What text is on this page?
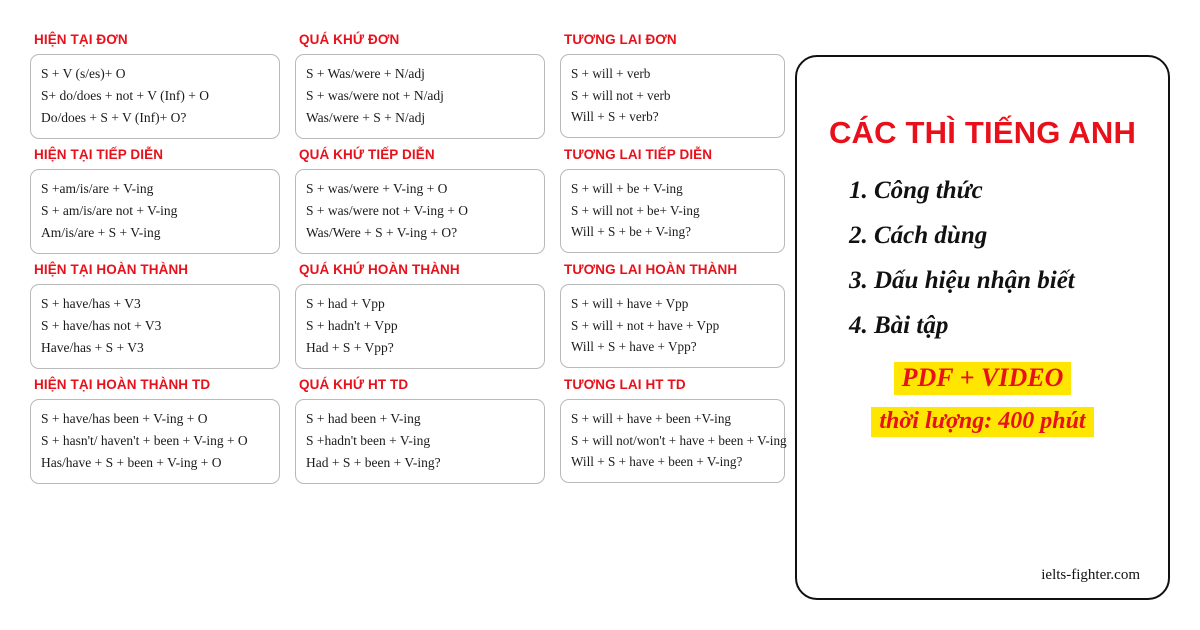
HIỆN TẠI ĐƠN
S + V (s/es)+ O
S+ do/does + not + V (Inf) + O
Do/does + S + V (Inf)+ O?
QUÁ KHỨ ĐƠN
S + Was/were + N/adj
S + was/were not + N/adj
Was/were + S + N/adj
TƯƠNG LAI ĐƠN
S + will + verb
S + will not + verb
Will + S + verb?
HIỆN TẠI TIẾP DIỄN
S +am/is/are + V-ing
S + am/is/are not + V-ing
Am/is/are + S + V-ing
QUÁ KHỨ TIẾP DIỄN
S + was/were + V-ing + O
S + was/were not + V-ing + O
Was/Were + S + V-ing + O?
TƯƠNG LAI TIẾP DIỄN
S + will + be + V-ing
S + will not + be+ V-ing
Will + S + be + V-ing?
HIỆN TẠI HOÀN THÀNH
S + have/has + V3
S + have/has not + V3
Have/has + S + V3
QUÁ KHỨ HOÀN THÀNH
S + had + Vpp
S + hadn't + Vpp
Had + S + Vpp?
TƯƠNG LAI HOÀN THÀNH
S + will + have + Vpp
S + will + not + have + Vpp
Will + S + have + Vpp?
HIỆN TẠI HOÀN THÀNH TD
S + have/has been + V-ing + O
S + hasn't/ haven't + been + V-ing + O
Has/have + S + been + V-ing + O
QUÁ KHỨ HT TD
S + had been + V-ing
S +hadn't been + V-ing
Had + S + been + V-ing?
TƯƠNG LAI HT TD
S + will + have + been +V-ing
S + will not/won't + have + been + V-ing
Will + S + have + been + V-ing?
CÁC THÌ TIẾNG ANH
1. Công thức
2. Cách dùng
3. Dấu hiệu nhận biết
4. Bài tập
PDF + VIDEO
thời lượng: 400 phút
ielts-fighter.com
